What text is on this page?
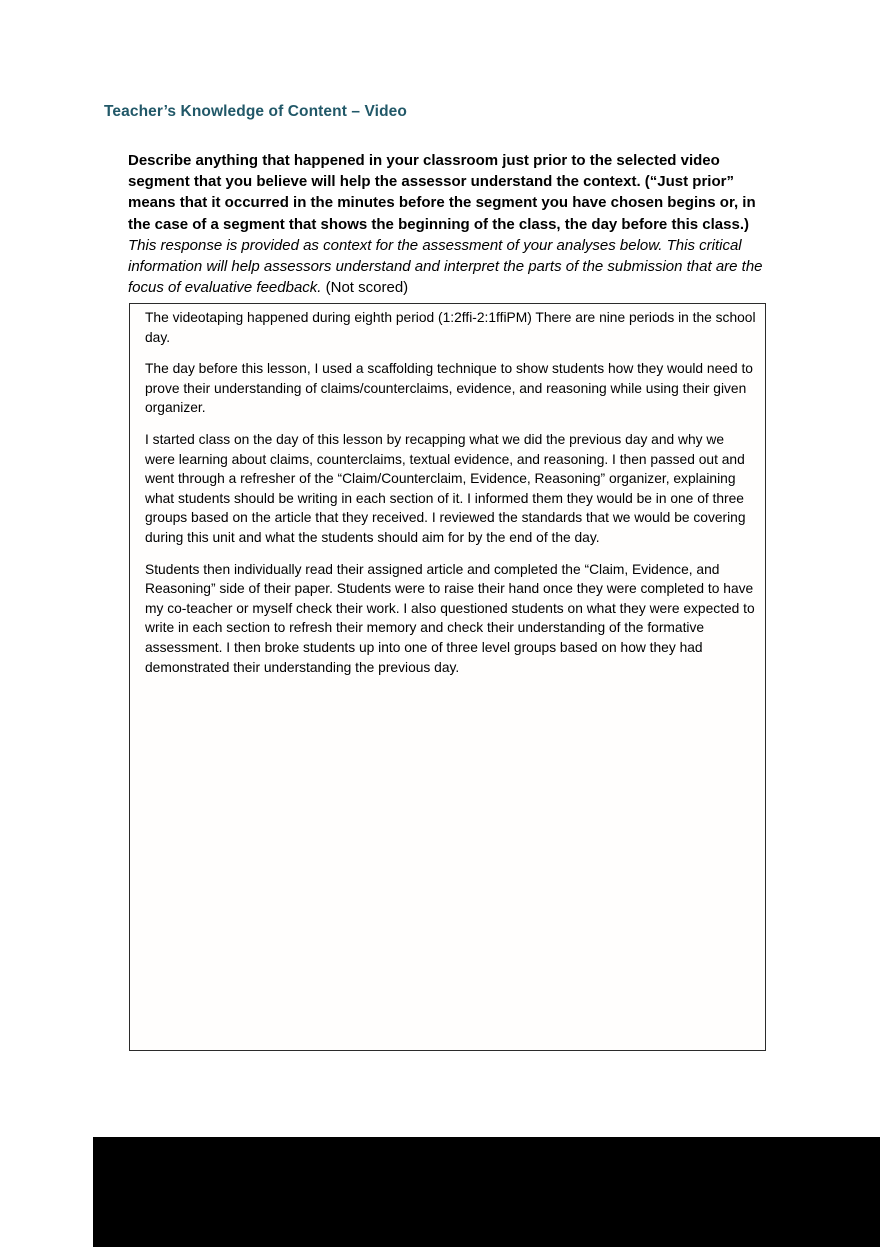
Teacher’s Knowledge of Content – Video

Describe anything that happened in your classroom just prior to the selected video segment that you believe will help the assessor understand the context. (“Just prior” means that it occurred in the minutes before the segment you have chosen begins or, in the case of a segment that shows the beginning of the class, the day before this class.) This response is provided as context for the assessment of your analyses below. This critical information will help assessors understand and interpret the parts of the submission that are the focus of evaluative feedback. (Not scored)

The videotaping happened during eighth period (1:2ffi-2:1ffiPM) There are nine periods in the school day.

The day before this lesson, I used a scaffolding technique to show students how they would need to prove their understanding of claims/counterclaims, evidence, and reasoning while using their given organizer.

I started class on the day of this lesson by recapping what we did the previous day and why we were learning about claims, counterclaims, textual evidence, and reasoning. I then passed out and went through a refresher of the “Claim/Counterclaim, Evidence, Reasoning” organizer, explaining what students should be writing in each section of it. I informed them they would be in one of three groups based on the article that they received. I reviewed the standards that we would be covering during this unit and what the students should aim for by the end of the day.

Students then individually read their assigned article and completed the “Claim, Evidence, and Reasoning” side of their paper. Students were to raise their hand once they were completed to have my co-teacher or myself check their work. I also questioned students on what they were expected to write in each section to refresh their memory and check their understanding of the formative assessment. I then broke students up into one of three level groups based on how they had demonstrated their understanding the previous day.
